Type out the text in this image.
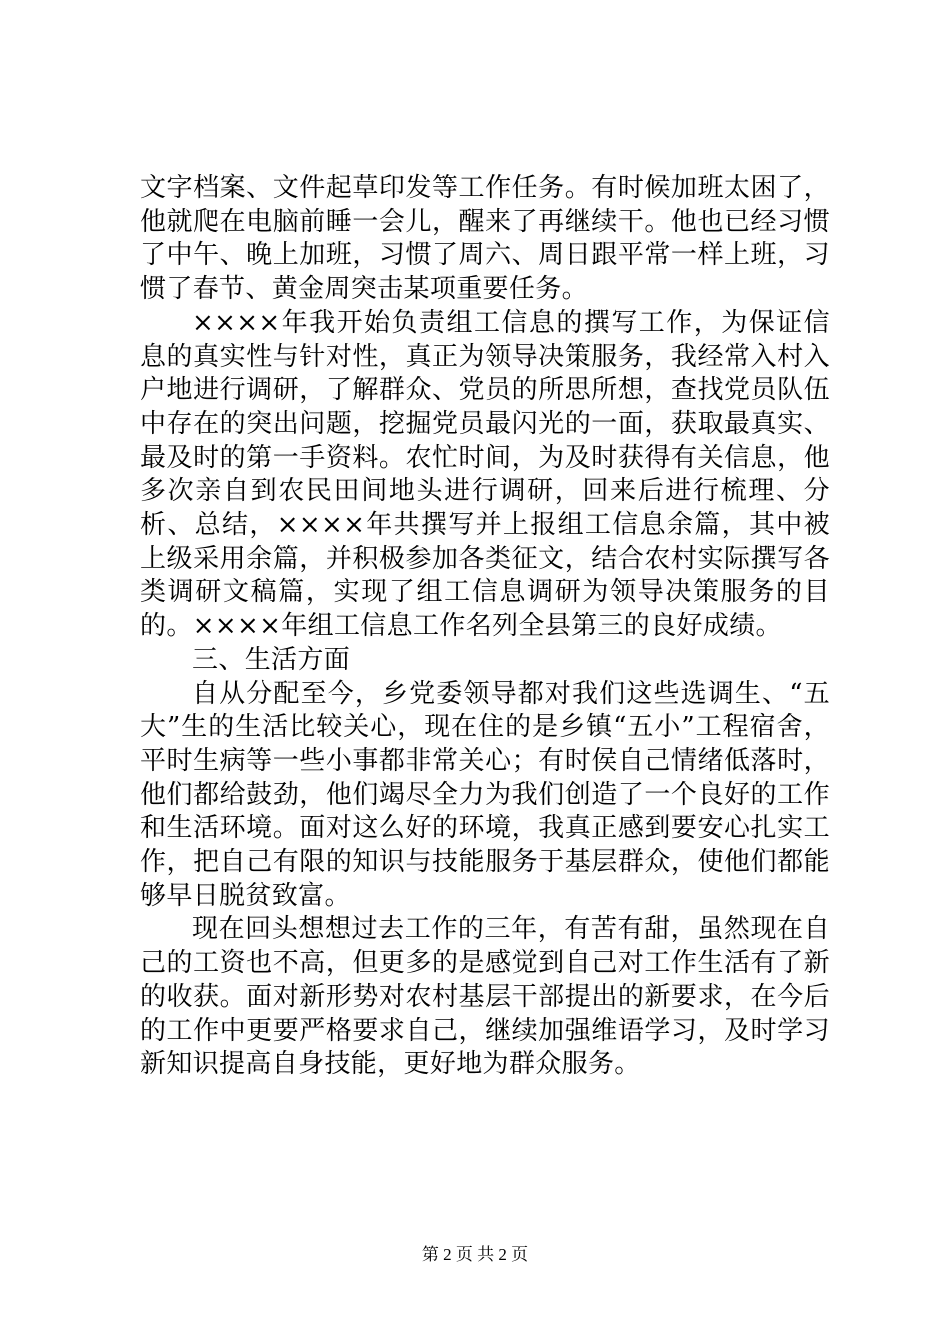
文字档案、文件起草印发等工作任务。有时候加班太困了，他就爬在电脑前睡一会儿，醒来了再继续干。他也已经习惯了中午、晚上加班，习惯了周六、周日跟平常一样上班，习惯了春节、黄金周突击某项重要任务。

××××年我开始负责组工信息的撰写工作，为保证信息的真实性与针对性，真正为领导决策服务，我经常入村入户地进行调研，了解群众、党员的所思所想，查找党员队伍中存在的突出问题，挖掘党员最闪光的一面，获取最真实、最及时的第一手资料。农忙时间，为及时获得有关信息，他多次亲自到农民田间地头进行调研，回来后进行梳理、分析、总结，××××年共撰写并上报组工信息余篇，其中被上级采用余篇，并积极参加各类征文，结合农村实际撰写各类调研文稿篇，实现了组工信息调研为领导决策服务的目的。××××年组工信息工作名列全县第三的良好成绩。

三、生活方面

自从分配至今，乡党委领导都对我们这些选调生、“五大”生的生活比较关心，现在住的是乡镇“五小”工程宿舍，平时生病等一些小事都非常关心；有时侯自己情绪低落时，他们都给鼓劲，他们竭尽全力为我们创造了一个良好的工作和生活环境。面对这么好的环境，我真正感到要安心扎实工作，把自己有限的知识与技能服务于基层群众，使他们都能够早日脱贫致富。

现在回头想想过去工作的三年，有苦有甜，虽然现在自己的工资也不高，但更多的是感觉到自己对工作生活有了新的收获。面对新形势对农村基层干部提出的新要求，在今后的工作中更要严格要求自己，继续加强维语学习，及时学习新知识提高自身技能，更好地为群众服务。

第 2 页 共 2 页
